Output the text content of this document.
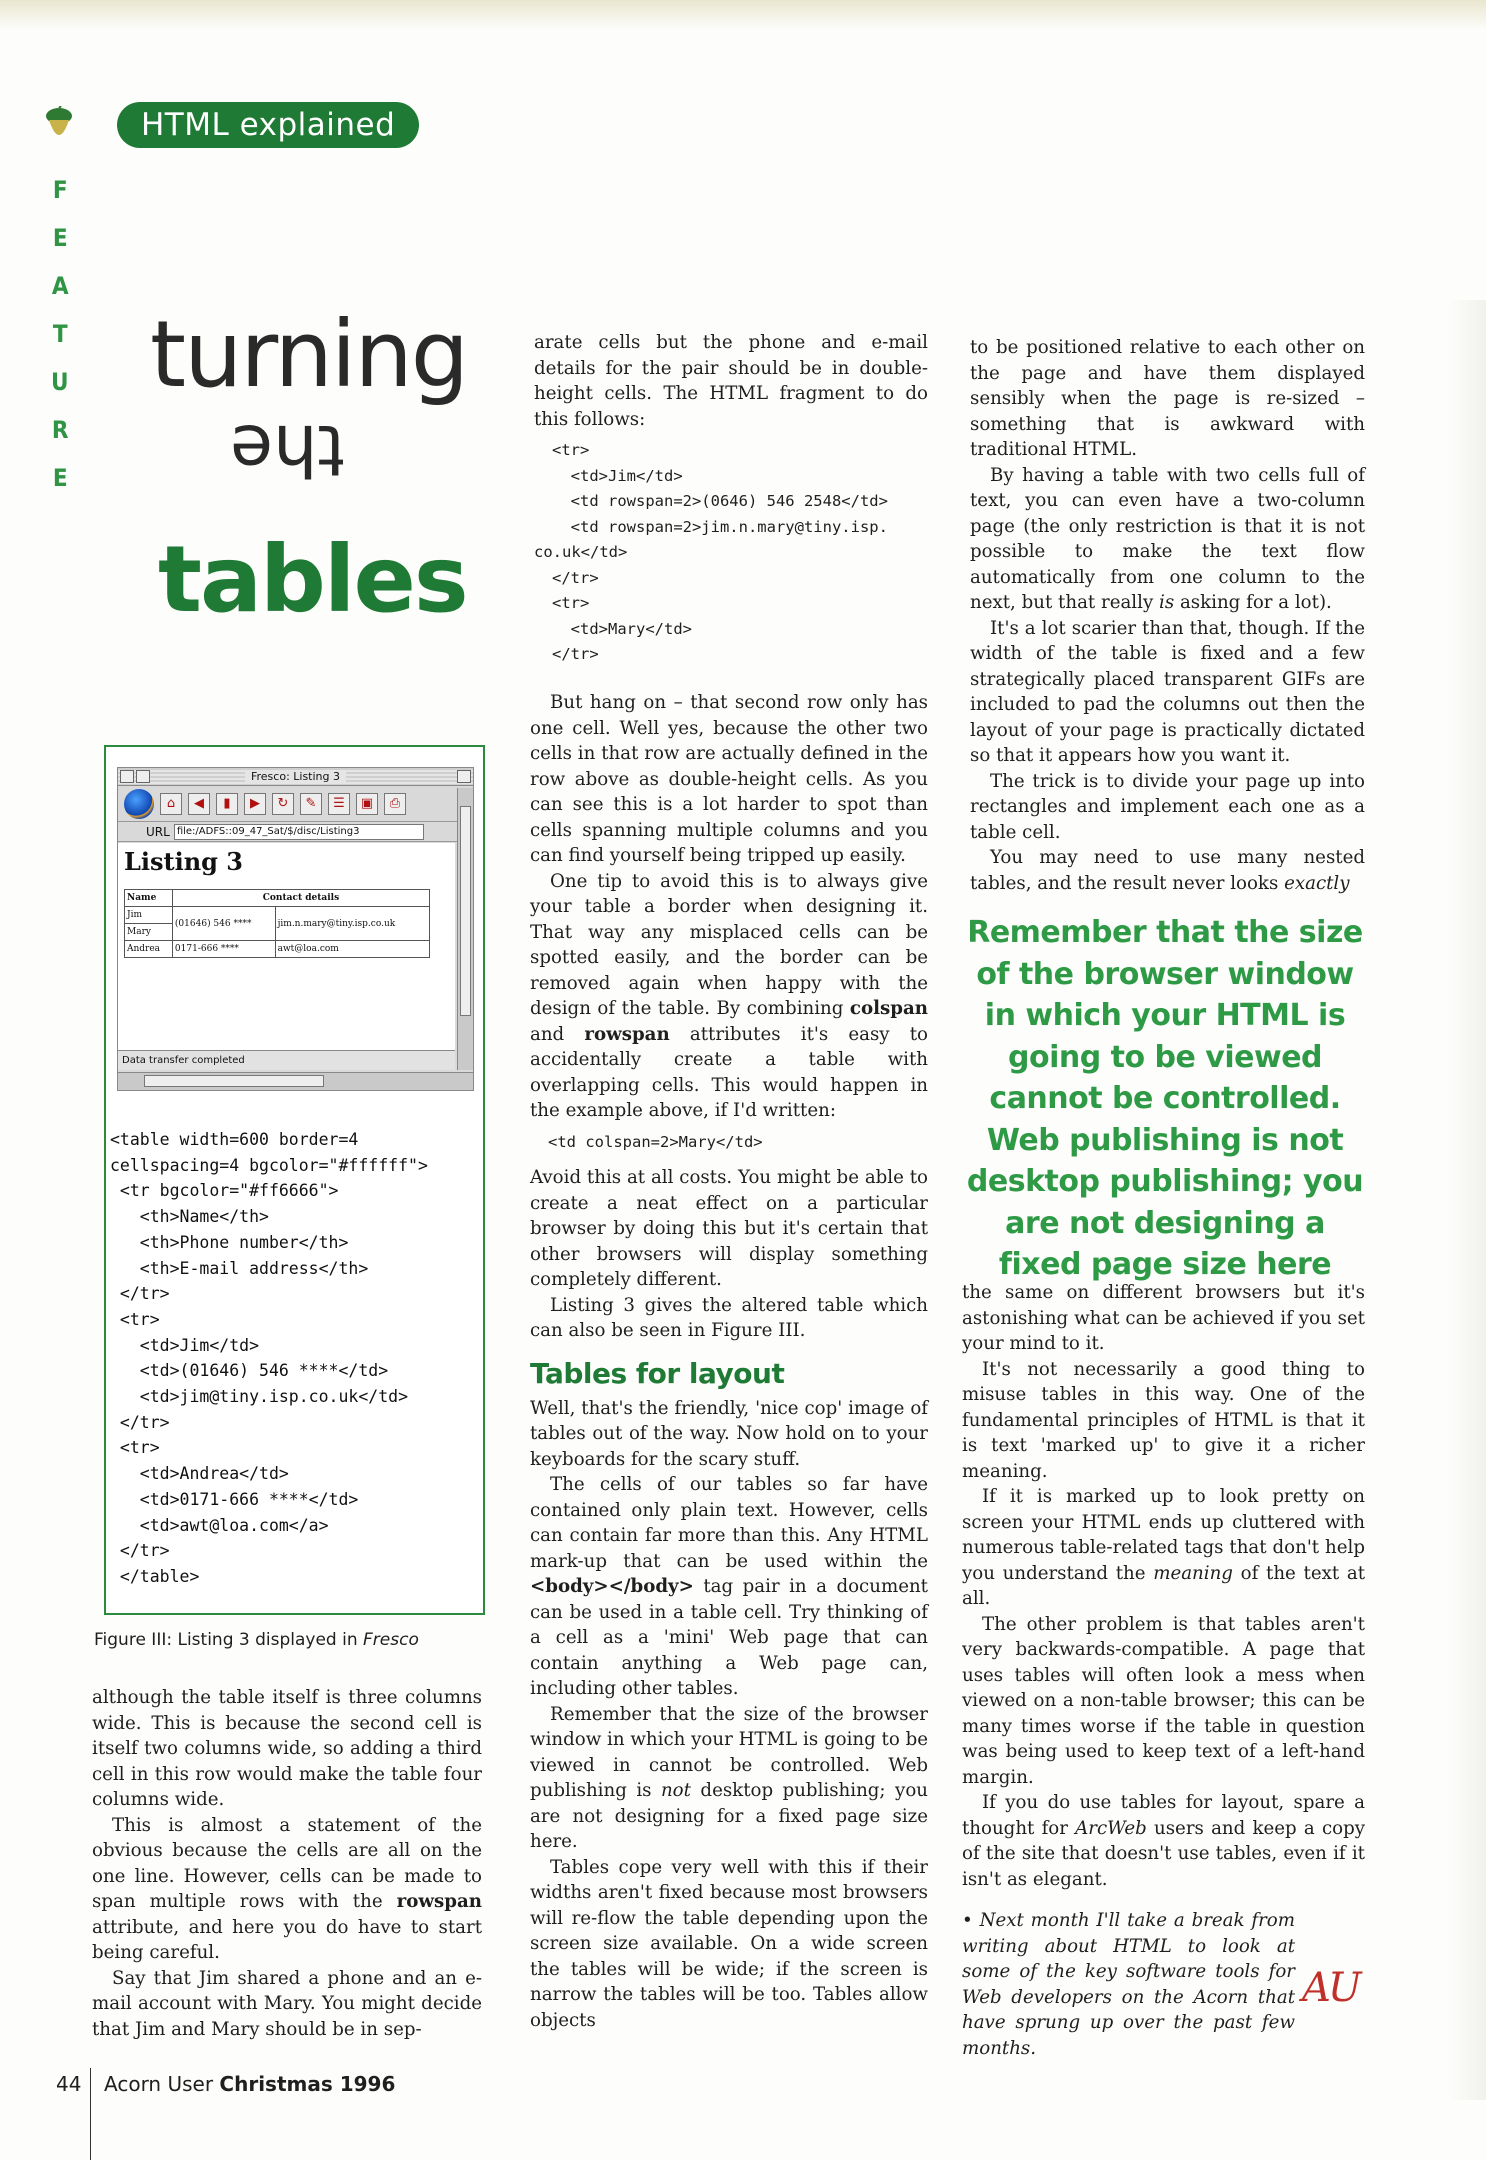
HTML explained
F
E
A
T
U
R
E
turning
the
tables
Fresco: Listing 3
⌂	◀	▮	▶	↻	✎	☰	▣	⎙
URL file:/ADFS::09_47_Sat/$/disc/Listing3
Listing 3
Name	Contact details	
Jim	(01646) 546 ****	jim.n.mary@tiny.isp.co.uk
Mary		
Andrea	0171-666 ****	awt@loa.com
Data transfer completed
<table width=600 border=4
cellspacing=4 bgcolor="#ffffff">
<tr bgcolor="#ff6666">
<th>Name</th>
<th>Phone number</th>
<th>E-mail address</th>
</tr>
<tr>
<td>Jim</td>
<td>(01646) 546 ****</td>
<td>jim@tiny.isp.co.uk</td>
</tr>
<tr>
<td>Andrea</td>
<td>0171-666 ****</td>
<td>awt@loa.com</a>
</tr>
</table>
Figure III: Listing 3 displayed in Fresco

although the table itself is three columns wide. This is because the second cell is itself two columns wide, so adding a third cell in this row would make the table four columns wide.

This is almost a statement of the obvious because the cells are all on the one line. However, cells can be made to span multiple rows with the rowspan attribute, and here you do have to start being careful.

Say that Jim shared a phone and an e-mail account with Mary. You might decide that Jim and Mary should be in sep-

arate cells but the phone and e-mail details for the pair should be in double-height cells. The HTML fragment to do this follows:

<tr>
<td>Jim</td>
<td rowspan=2>(0646) 546 2548</td>
<td rowspan=2>jim.n.mary@tiny.isp.
co.uk</td>
</tr>
<tr>
<td>Mary</td>
</tr>

But hang on – that second row only has one cell. Well yes, because the other two cells in that row are actually defined in the row above as double-height cells. As you can see this is a lot harder to spot than cells spanning multiple columns and you can find yourself being tripped up easily.

One tip to avoid this is to always give your table a border when designing it. That way any misplaced cells can be spotted easily, and the border can be removed again when happy with the design of the table. By combining colspan and rowspan attributes it's easy to accidentally create a table with overlapping cells. This would happen in the example above, if I'd written:

<td colspan=2>Mary</td>

Avoid this at all costs. You might be able to create a neat effect on a particular browser by doing this but it's certain that other browsers will display something completely different.

Listing 3 gives the altered table which can also be seen in Figure III.

Tables for layout

Well, that's the friendly, 'nice cop' image of tables out of the way. Now hold on to your keyboards for the scary stuff.

The cells of our tables so far have contained only plain text. However, cells can contain far more than this. Any HTML mark-up that can be used within the <body></body> tag pair in a document can be used in a table cell. Try thinking of a cell as a 'mini' Web page that can contain anything a Web page can, including other tables.

Remember that the size of the browser window in which your HTML is going to be viewed in cannot be controlled. Web publishing is not desktop publishing; you are not designing for a fixed page size here.

Tables cope very well with this if their widths aren't fixed because most browsers will re-flow the table depending upon the screen size available. On a wide screen the tables will be wide; if the screen is narrow the tables will be too. Tables allow objects

to be positioned relative to each other on the page and have them displayed sensibly when the page is re-sized – something that is awkward with traditional HTML.

By having a table with two cells full of text, you can even have a two-column page (the only restriction is that it is not possible to make the text flow automatically from one column to the next, but that really is asking for a lot).

It's a lot scarier than that, though. If the width of the table is fixed and a few strategically placed transparent GIFs are included to pad the columns out then the layout of your page is practically dictated so that it appears how you want it.

The trick is to divide your page up into rectangles and implement each one as a table cell.

You may need to use many nested tables, and the result never looks exactly

Remember that the size of the browser window in which your HTML is going to be viewed cannot be controlled. Web publishing is not desktop publishing; you are not designing a fixed page size here

the same on different browsers but it's astonishing what can be achieved if you set your mind to it.

It's not necessarily a good thing to misuse tables in this way. One of the fundamental principles of HTML is that it is text 'marked up' to give it a richer meaning.

If it is marked up to look pretty on screen your HTML ends up cluttered with numerous table-related tags that don't help you understand the meaning of the text at all.

The other problem is that tables aren't very backwards-compatible. A page that uses tables will often look a mess when viewed on a non-table browser; this can be many times worse if the table in question was being used to keep text of a left-hand margin.

If you do use tables for layout, spare a thought for ArcWeb users and keep a copy of the site that doesn't use tables, even if it isn't as elegant.

• Next month I'll take a break from writing about HTML to look at some of the key software tools for Web developers on the Acorn that have sprung up over the past few months.

AU
44 Acorn User Christmas 1996
